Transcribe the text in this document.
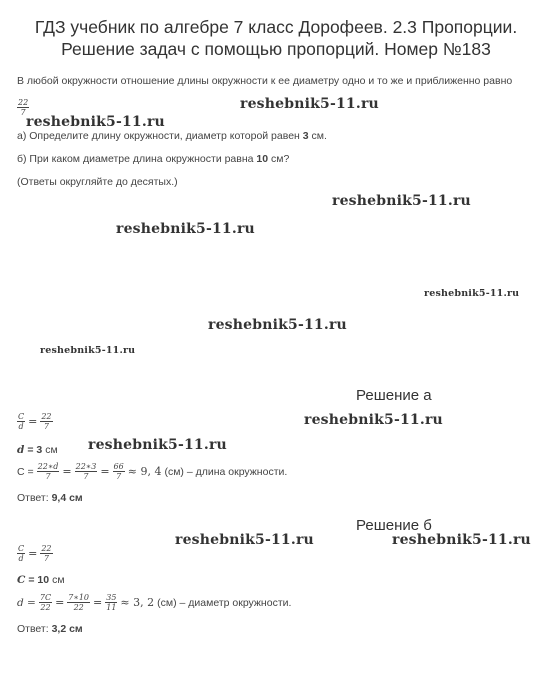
ГДЗ учебник по алгебре 7 класс Дорофеев. 2.3 Пропорции.
Решение задач с помощью пропорций. Номер №183
В любой окружности отношение длины окружности к ее диаметру одно и то же и приближенно равно
$\frac{22}{7}$
а) Определите длину окружности, диаметр которой равен 3 см.
б) При каком диаметре длина окружности равна 10 см?
(Ответы округляйте до десятых.)
reshebnik5-11.ru
reshebnik5-11.ru
reshebnik5-11.ru
reshebnik5-11.ru
reshebnik5-11.ru
reshebnik5-11.ru
reshebnik5-11.ru
reshebnik5-11.ru
reshebnik5-11.ru
reshebnik5-11.ru	reshebnik5-11.ru
Решение а
$\frac{C}{d} = \frac{22}{7}$
d = 3 см
$C = \frac{22∗d}{7} = \frac{22∗3}{7} = \frac{66}{7} \approx 9$, 4 (см) – длина окружности.
Ответ: 9,4 см
Решение б
$\frac{C}{d} = \frac{22}{7}$
C = 10 см
$d = \frac{7C}{22} = \frac{7∗10}{22} = \frac{35}{11} \approx 3$, 2 (см) – диаметр окружности.
Ответ: 3,2 см
